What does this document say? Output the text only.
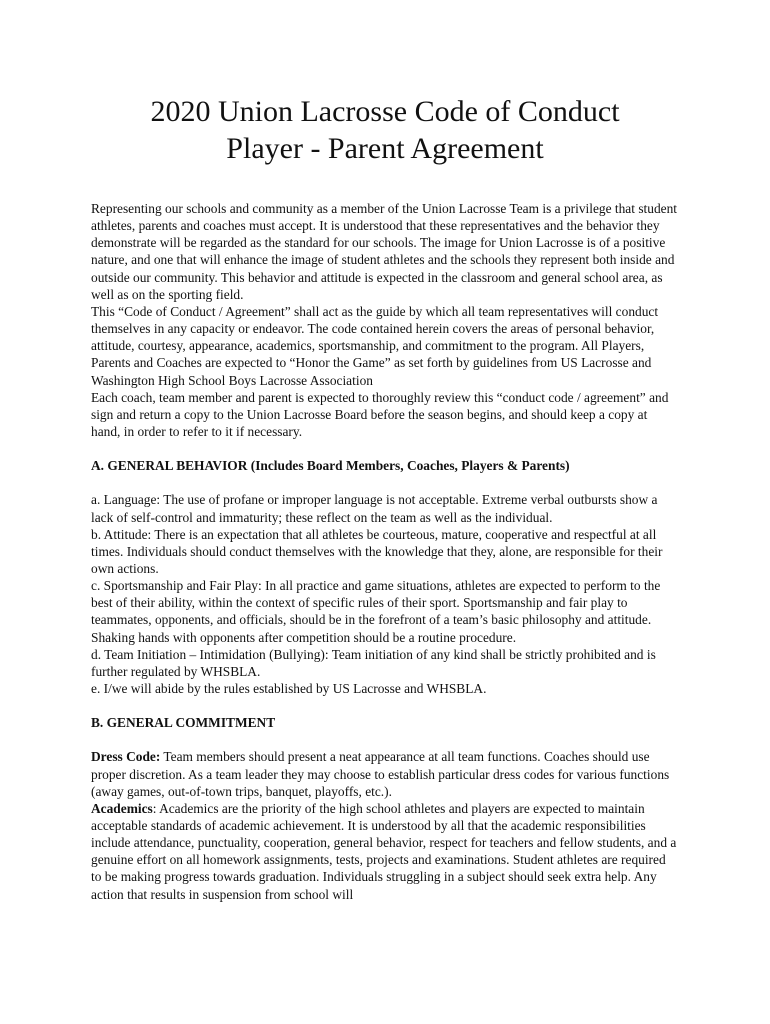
2020 Union Lacrosse Code of Conduct
Player - Parent Agreement

Representing our schools and community as a member of the Union Lacrosse Team is a privilege that student athletes, parents and coaches must accept. It is understood that these representatives and the behavior they demonstrate will be regarded as the standard for our schools. The image for Union Lacrosse is of a positive nature, and one that will enhance the image of student athletes and the schools they represent both inside and outside our community. This behavior and attitude is expected in the classroom and general school area, as well as on the sporting field.

This “Code of Conduct / Agreement” shall act as the guide by which all team representatives will conduct themselves in any capacity or endeavor. The code contained herein covers the areas of personal behavior, attitude, courtesy, appearance, academics, sportsmanship, and commitment to the program. All Players, Parents and Coaches are expected to “Honor the Game” as set forth by guidelines from US Lacrosse and Washington High School Boys Lacrosse Association

Each coach, team member and parent is expected to thoroughly review this “conduct code / agreement” and sign and return a copy to the Union Lacrosse Board before the season begins, and should keep a copy at hand, in order to refer to it if necessary.

A. GENERAL BEHAVIOR (Includes Board Members, Coaches, Players & Parents)

a. Language: The use of profane or improper language is not acceptable. Extreme verbal outbursts show a lack of self-control and immaturity; these reflect on the team as well as the individual.

b. Attitude: There is an expectation that all athletes be courteous, mature, cooperative and respectful at all times. Individuals should conduct themselves with the knowledge that they, alone, are responsible for their own actions.

c. Sportsmanship and Fair Play: In all practice and game situations, athletes are expected to perform to the best of their ability, within the context of specific rules of their sport. Sportsmanship and fair play to teammates, opponents, and officials, should be in the forefront of a team’s basic philosophy and attitude. Shaking hands with opponents after competition should be a routine procedure.

d. Team Initiation – Intimidation (Bullying): Team initiation of any kind shall be strictly prohibited and is further regulated by WHSBLA.

e. I/we will abide by the rules established by US Lacrosse and WHSBLA.

B. GENERAL COMMITMENT

Dress Code: Team members should present a neat appearance at all team functions. Coaches should use proper discretion. As a team leader they may choose to establish particular dress codes for various functions (away games, out-of-town trips, banquet, playoffs, etc.).

Academics: Academics are the priority of the high school athletes and players are expected to maintain acceptable standards of academic achievement. It is understood by all that the academic responsibilities include attendance, punctuality, cooperation, general behavior, respect for teachers and fellow students, and a genuine effort on all homework assignments, tests, projects and examinations. Student athletes are required to be making progress towards graduation. Individuals struggling in a subject should seek extra help. Any action that results in suspension from school will
